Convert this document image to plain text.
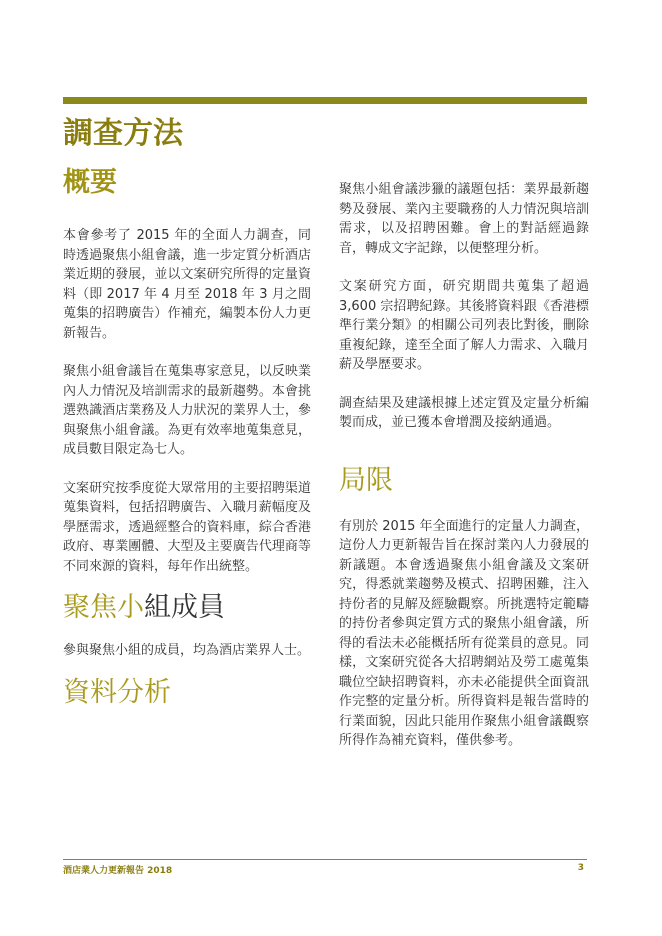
調查方法
概要

本會參考了 2015 年的全面人力調查，同時透過聚焦小組會議，進一步定質分析酒店業近期的發展，並以文案研究所得的定量資料（即 2017 年 4 月至 2018 年 3 月之間蒐集的招聘廣告）作補充，編製本份人力更新報告。

聚焦小組會議旨在蒐集專家意見，以反映業內人力情況及培訓需求的最新趨勢。本會挑選熟識酒店業務及人力狀況的業界人士，參與聚焦小組會議。為更有效率地蒐集意見，成員數目限定為七人。

文案研究按季度從大眾常用的主要招聘渠道蒐集資料，包括招聘廣告、入職月薪幅度及學歷需求，透過經整合的資料庫，綜合香港政府、專業團體、大型及主要廣告代理商等不同來源的資料，每年作出統整。

聚焦小組成員

參與聚焦小組的成員，均為酒店業界人士。

資料分析

聚焦小組會議涉獵的議題包括：業界最新趨勢及發展、業內主要職務的人力情況與培訓需求，以及招聘困難。會上的對話經過錄音，轉成文字記錄，以便整理分析。

文案研究方面，研究期間共蒐集了超過 3,600 宗招聘紀錄。其後將資料跟《香港標準行業分類》的相關公司列表比對後，刪除重複紀錄，達至全面了解人力需求、入職月薪及學歷要求。

調查結果及建議根據上述定質及定量分析編製而成，並已獲本會增潤及接納通過。

局限

有別於 2015 年全面進行的定量人力調查，這份人力更新報告旨在探討業內人力發展的新議題。本會透過聚焦小組會議及文案研究，得悉就業趨勢及模式、招聘困難，注入持份者的見解及經驗觀察。所挑選特定範疇的持份者參與定質方式的聚焦小組會議，所得的看法未必能概括所有從業員的意見。同樣，文案研究從各大招聘網站及勞工處蒐集職位空缺招聘資料，亦未必能提供全面資訊作完整的定量分析。所得資料是報告當時的行業面貌，因此只能用作聚焦小組會議觀察所得作為補充資料，僅供參考。

酒店業人力更新報告 2018	3
